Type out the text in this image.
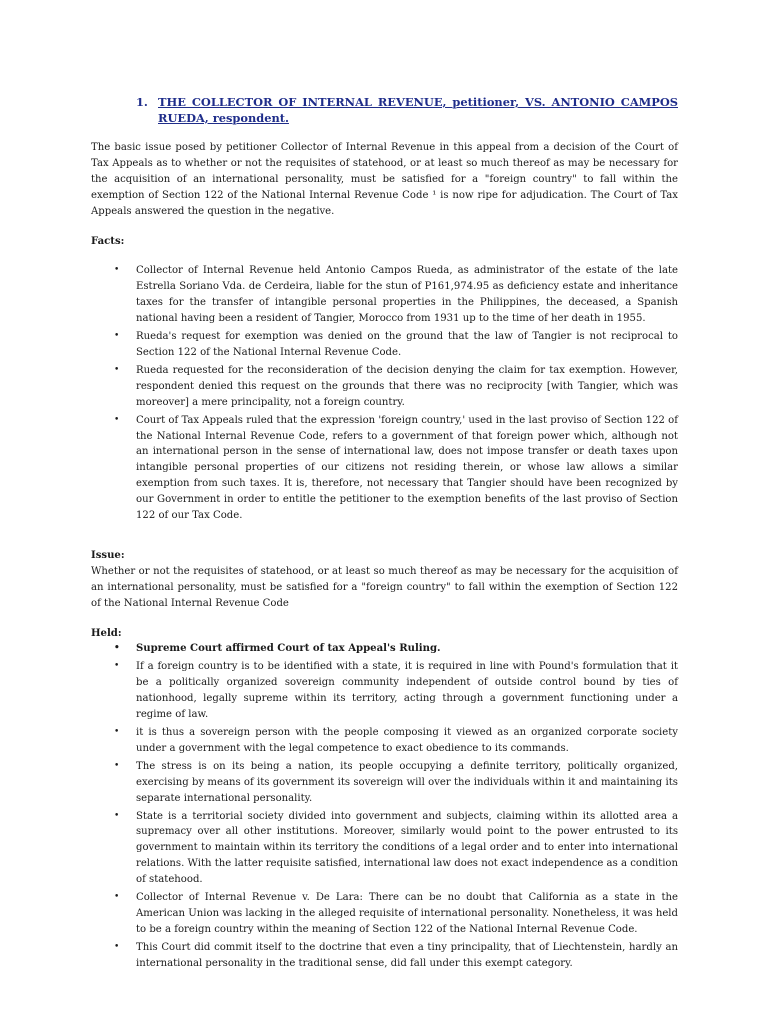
1. THE COLLECTOR OF INTERNAL REVENUE, petitioner, VS. ANTONIO CAMPOS RUEDA, respondent.

The basic issue posed by petitioner Collector of Internal Revenue in this appeal from a decision of the Court of Tax Appeals as to whether or not the requisites of statehood, or at least so much thereof as may be necessary for the acquisition of an international personality, must be satisfied for a "foreign country" to fall within the exemption of Section 122 of the National Internal Revenue Code ¹ is now ripe for adjudication. The Court of Tax Appeals answered the question in the negative.

Facts:
• Collector of Internal Revenue held Antonio Campos Rueda, as administrator of the estate of the late Estrella Soriano Vda. de Cerdeira, liable for the stun of P161,974.95 as deficiency estate and inheritance taxes for the transfer of intangible personal properties in the Philippines, the deceased, a Spanish national having been a resident of Tangier, Morocco from 1931 up to the time of her death in 1955.
• Rueda's request for exemption was denied on the ground that the law of Tangier is not reciprocal to Section 122 of the National Internal Revenue Code.
• Rueda requested for the reconsideration of the decision denying the claim for tax exemption. However, respondent denied this request on the grounds that there was no reciprocity [with Tangier, which was moreover] a mere principality, not a foreign country.
• Court of Tax Appeals ruled that the expression 'foreign country,' used in the last proviso of Section 122 of the National Internal Revenue Code, refers to a government of that foreign power which, although not an international person in the sense of international law, does not impose transfer or death taxes upon intangible personal properties of our citizens not residing therein, or whose law allows a similar exemption from such taxes. It is, therefore, not necessary that Tangier should have been recognized by our Government in order to entitle the petitioner to the exemption benefits of the last proviso of Section 122 of our Tax Code.
Issue:

Whether or not the requisites of statehood, or at least so much thereof as may be necessary for the acquisition of an international personality, must be satisfied for a "foreign country" to fall within the exemption of Section 122 of the National Internal Revenue Code

Held:
• Supreme Court affirmed Court of tax Appeal's Ruling.
• If a foreign country is to be identified with a state, it is required in line with Pound's formulation that it be a politically organized sovereign community independent of outside control bound by ties of nationhood, legally supreme within its territory, acting through a government functioning under a regime of law.
• it is thus a sovereign person with the people composing it viewed as an organized corporate society under a government with the legal competence to exact obedience to its commands.
• The stress is on its being a nation, its people occupying a definite territory, politically organized, exercising by means of its government its sovereign will over the individuals within it and maintaining its separate international personality.
• State is a territorial society divided into government and subjects, claiming within its allotted area a supremacy over all other institutions. Moreover, similarly would point to the power entrusted to its government to maintain within its territory the conditions of a legal order and to enter into international relations. With the latter requisite satisfied, international law does not exact independence as a condition of statehood.
• Collector of Internal Revenue v. De Lara: There can be no doubt that California as a state in the American Union was lacking in the alleged requisite of international personality. Nonetheless, it was held to be a foreign country within the meaning of Section 122 of the National Internal Revenue Code.
• This Court did commit itself to the doctrine that even a tiny principality, that of Liechtenstein, hardly an international personality in the traditional sense, did fall under this exempt category.
